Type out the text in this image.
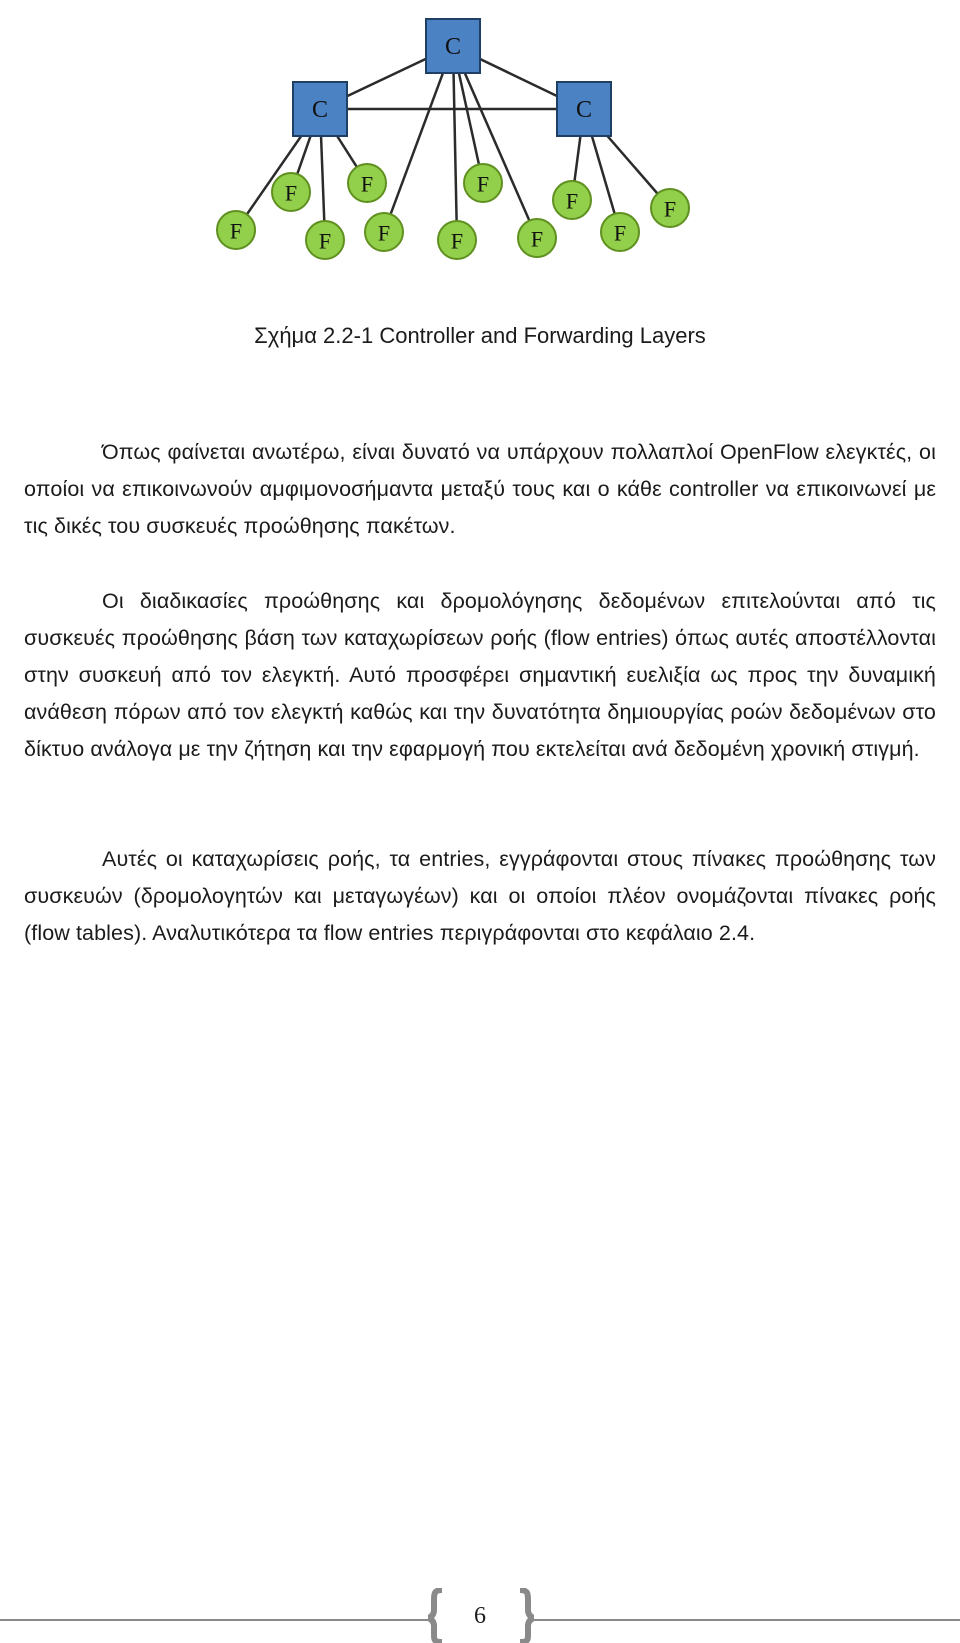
C
C	C
F
F
F
F
F	F
F
F
F
F
F
Σχήμα 2.2-1 Controller and Forwarding Layers

Όπως φαίνεται ανωτέρω, είναι δυνατό να υπάρχουν πολλαπλοί OpenFlow ελεγκτές, οι οποίοι να επικοινωνούν αμφιμονοσήμαντα μεταξύ τους και ο κάθε controller να επικοινωνεί με τις δικές του συσκευές προώθησης πακέτων.

Οι διαδικασίες προώθησης και δρομολόγησης δεδομένων επιτελούνται από τις συσκευές προώθησης βάση των καταχωρίσεων ροής (flow entries) όπως αυτές αποστέλλονται στην συσκευή από τον ελεγκτή. Αυτό προσφέρει σημαντική ευελιξία ως προς την δυναμική ανάθεση πόρων από τον ελεγκτή καθώς και την δυνατότητα δημιουργίας ροών δεδομένων στο δίκτυο ανάλογα με την ζήτηση και την εφαρμογή που εκτελείται ανά δεδομένη χρονική στιγμή.

Αυτές οι καταχωρίσεις ροής, τα entries, εγγράφονται στους πίνακες προώθησης των συσκευών (δρομολογητών και μεταγωγέων) και οι οποίοι πλέον ονομάζονται πίνακες ροής (flow tables). Αναλυτικότερα τα flow entries περιγράφονται στο κεφάλαιο 2.4.

6
